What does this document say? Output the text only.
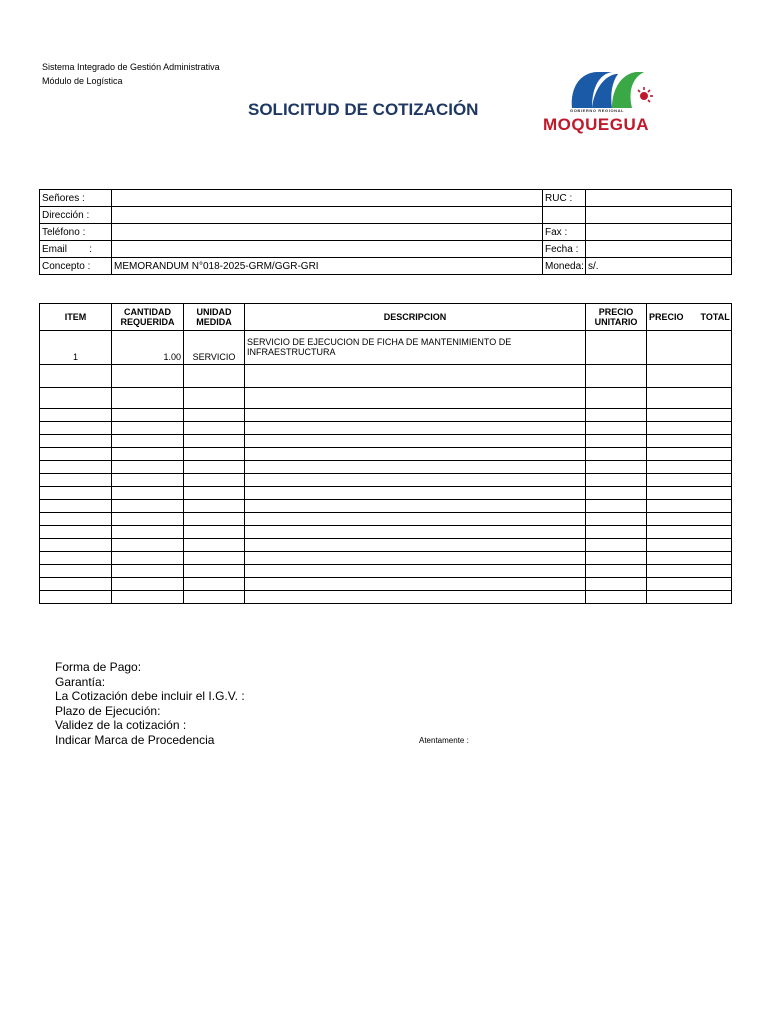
Sistema Integrado de Gestión Administrativa
Módulo de Logística
SOLICITUD DE COTIZACIÓN	GOBIERNO REGIONAL
MOQUEGUA
Señores :		RUC :	
Dirección :			
Teléfono :		Fax :	
Email        :		Fecha :	
Concepto :	MEMORANDUM N°018-2025-GRM/GGR-GRI	Moneda:	s/.
ITEM	CANTIDAD REQUERIDA	UNIDAD MEDIDA	DESCRIPCION	PRECIO UNITARIO	PRECIO TOTAL
1	1.00	SERVICIO	SERVICIO DE EJECUCION DE FICHA DE MANTENIMIENTO DE INFRAESTRUCTURA		

Forma de Pago:
Garantía:
La Cotización debe incluir el I.G.V. :
Plazo de Ejecución:
Validez de la cotización :
Indicar Marca de Procedencia	Atentamente :
